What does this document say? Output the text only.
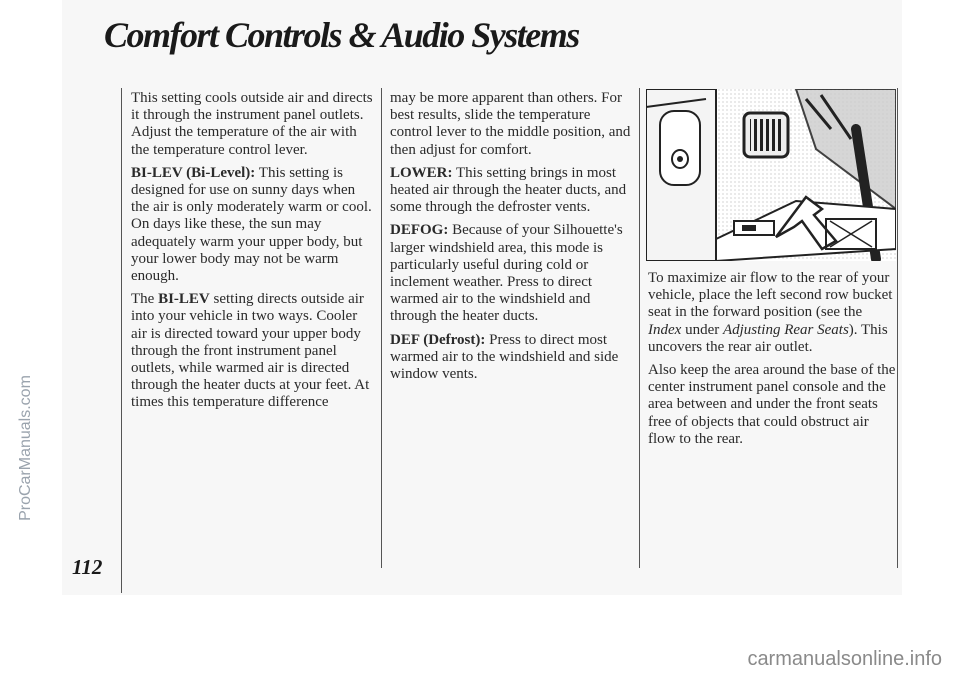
Comfort Controls & Audio Systems
112
ProCarManuals.com
carmanualsonline.info

This setting cools outside air and directs it through the instrument panel outlets. Adjust the temperature of the air with the temperature control lever.

BI-LEV (Bi-Level): This setting is designed for use on sunny days when the air is only moderately warm or cool. On days like these, the sun may adequately warm your upper body, but your lower body may not be warm enough.

The BI-LEV setting directs outside air into your vehicle in two ways. Cooler air is directed toward your upper body through the front instrument panel outlets, while warmed air is directed through the heater ducts at your feet. At times this temperature difference

may be more apparent than others. For best results, slide the temperature control lever to the middle position, and then adjust for comfort.

LOWER: This setting brings in most heated air through the heater ducts, and some through the defroster vents.

DEFOG: Because of your Silhouette's larger windshield area, this mode is particularly useful during cold or inclement weather. Press to direct warmed air to the windshield and through the heater ducts.

DEF (Defrost): Press to direct most warmed air to the windshield and side window vents.

To maximize air flow to the rear of your vehicle, place the left second row bucket seat in the forward position (see the Index under Adjusting Rear Seats). This uncovers the rear air outlet.

Also keep the area around the base of the center instrument panel console and the area between and under the front seats free of objects that could obstruct air flow to the rear.
